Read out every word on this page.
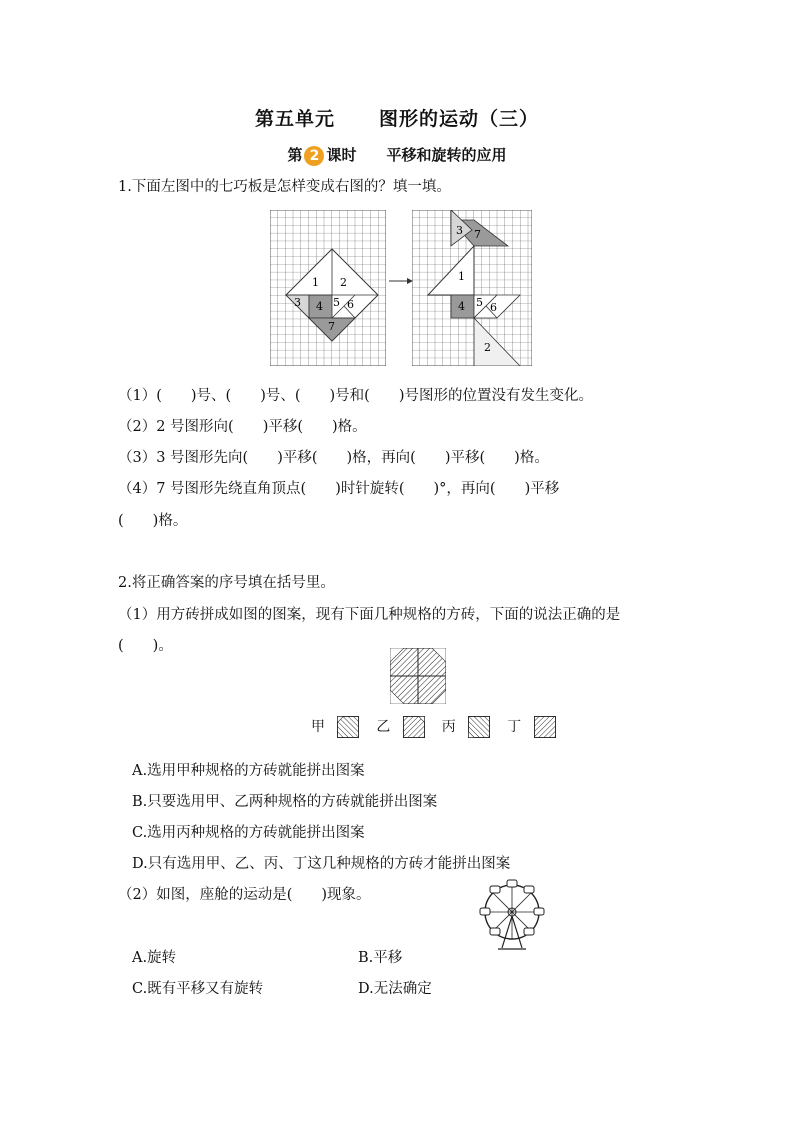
第五单元 图形的运动（三）
第 2 课时 平移和旋转的应用
1.下面左图中的七巧板是怎样变成右图的？填一填。
1 2
3 4 5 6
7
3 7
1
4 5 6
2
（1）(　　)号、(　　)号、(　　)号和(　　)号图形的位置没有发生变化。
（2）2 号图形向(　　)平移(　　)格。
（3）3 号图形先向(　　)平移(　　)格，再向(　　)平移(　　)格。
（4）7 号图形先绕直角顶点(　　)时针旋转(　　)°，再向(　　)平移
(　　)格。
2.将正确答案的序号填在括号里。
（1）用方砖拼成如图的图案，现有下面几种规格的方砖，下面的说法正确的是
(　　)。
甲	乙	丙	丁
A.选用甲种规格的方砖就能拼出图案
B.只要选用甲、乙两种规格的方砖就能拼出图案
C.选用丙种规格的方砖就能拼出图案
D.只有选用甲、乙、丙、丁这几种规格的方砖才能拼出图案
（2）如图，座舱的运动是(　　)现象。
A.旋转	B.平移
C.既有平移又有旋转	D.无法确定
